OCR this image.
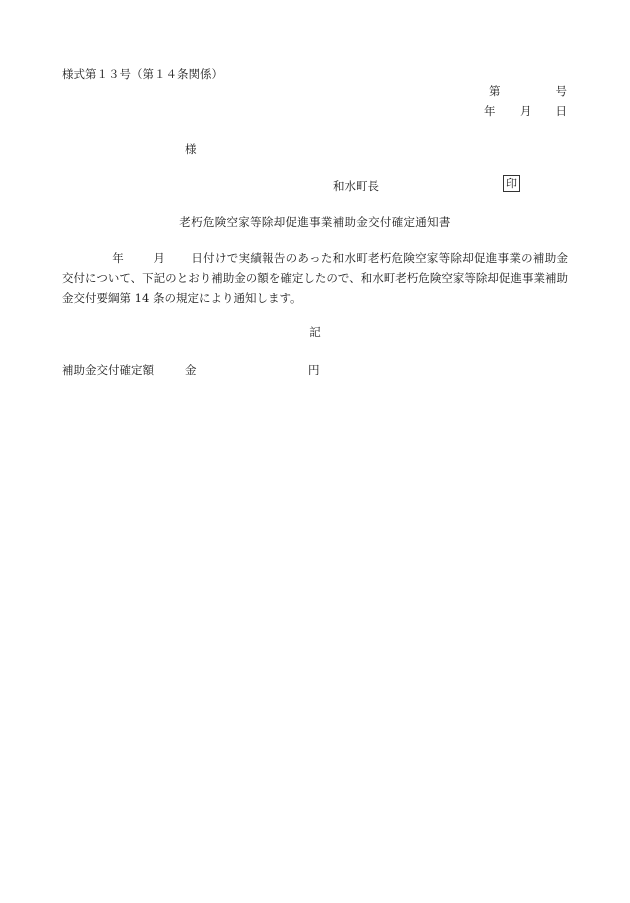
様式第１３号（第１４条関係）
第	号
年 月 日
様
和水町長	印
老朽危険空家等除却促進事業補助金交付確定通知書
年	月 日付けで実績報告のあった和水町老朽危険空家等除却促進事業の補助金交付について、下記のとおり補助金の額を確定したので、和水町老朽危険空家等除却促進事業補助金交付要綱第 14 条の規定により通知します。
記
補助金交付確定額	金	円
